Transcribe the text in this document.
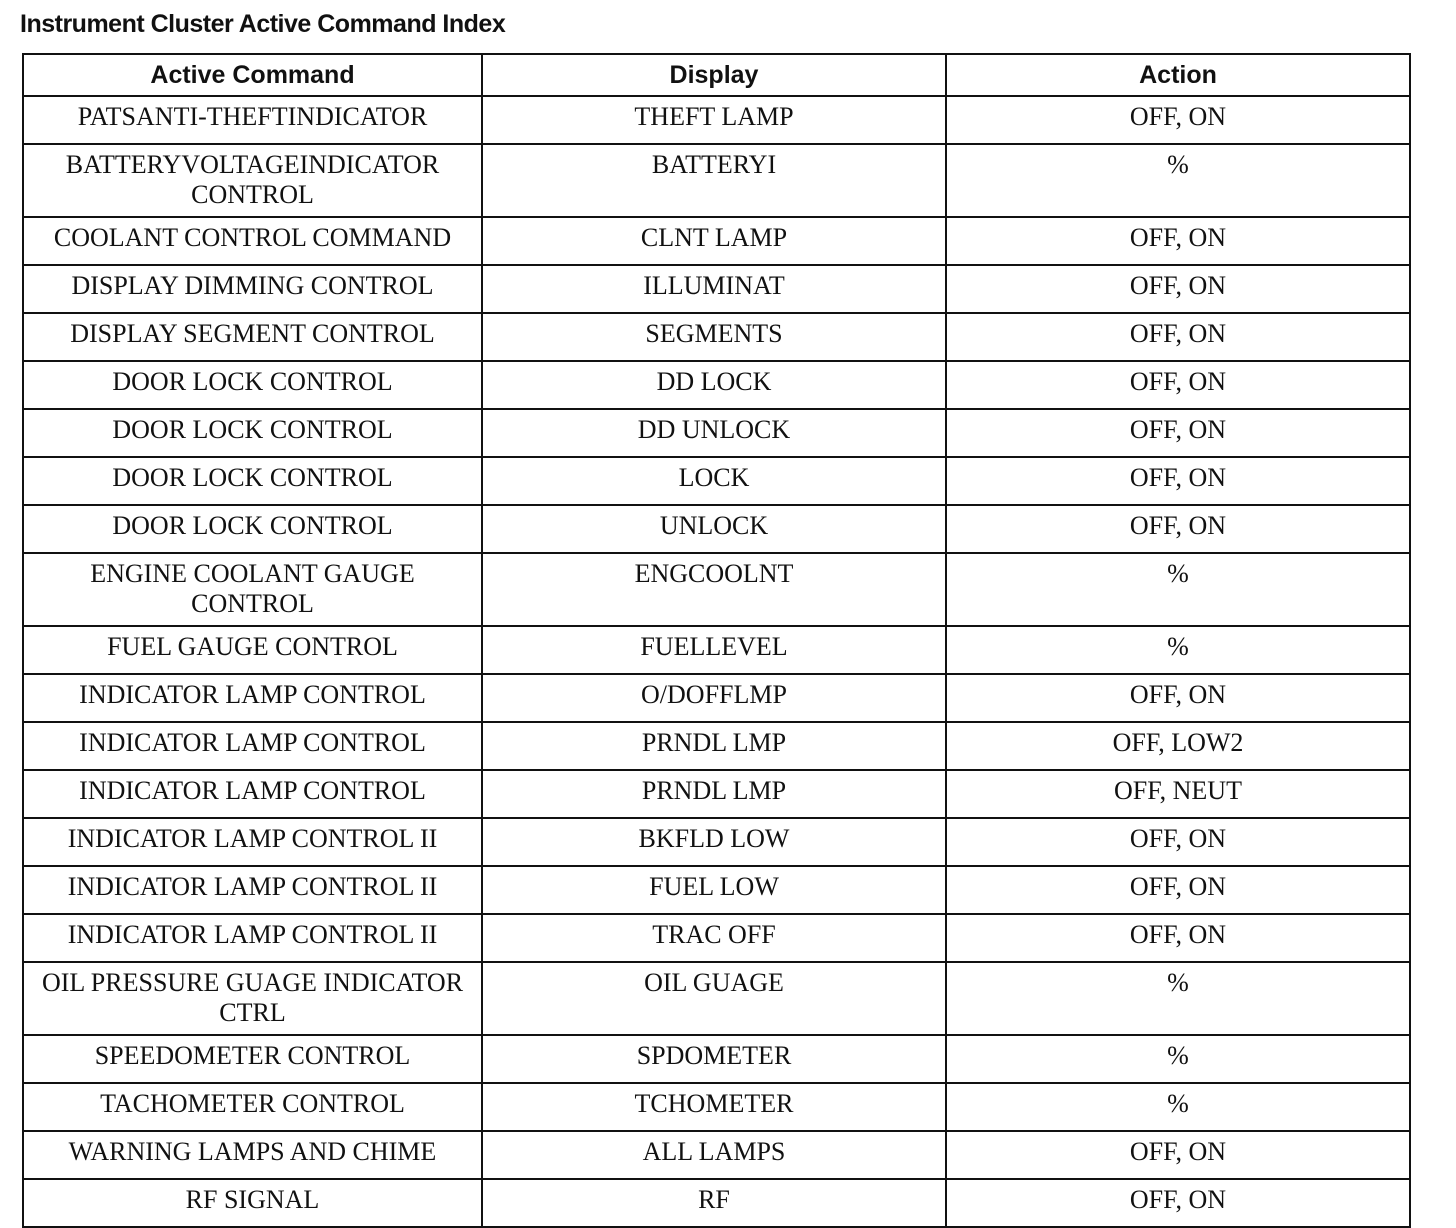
Instrument Cluster Active Command Index
Active Command	Display	Action
PATSANTI-THEFTINDICATOR	THEFT LAMP	OFF, ON
BATTERYVOLTAGEINDICATOR CONTROL	BATTERYI	%
COOLANT CONTROL COMMAND	CLNT LAMP	OFF, ON
DISPLAY DIMMING CONTROL	ILLUMINAT	OFF, ON
DISPLAY SEGMENT CONTROL	SEGMENTS	OFF, ON
DOOR LOCK CONTROL	DD LOCK	OFF, ON
DOOR LOCK CONTROL	DD UNLOCK	OFF, ON
DOOR LOCK CONTROL	LOCK	OFF, ON
DOOR LOCK CONTROL	UNLOCK	OFF, ON
ENGINE COOLANT GAUGE CONTROL	ENGCOOLNT	%
FUEL GAUGE CONTROL	FUELLEVEL	%
INDICATOR LAMP CONTROL	O/DOFFLMP	OFF, ON
INDICATOR LAMP CONTROL	PRNDL LMP	OFF, LOW2
INDICATOR LAMP CONTROL	PRNDL LMP	OFF, NEUT
INDICATOR LAMP CONTROL II	BKFLD LOW	OFF, ON
INDICATOR LAMP CONTROL II	FUEL LOW	OFF, ON
INDICATOR LAMP CONTROL II	TRAC OFF	OFF, ON
OIL PRESSURE GUAGE INDICATOR CTRL	OIL GUAGE	%
SPEEDOMETER CONTROL	SPDOMETER	%
TACHOMETER CONTROL	TCHOMETER	%
WARNING LAMPS AND CHIME	ALL LAMPS	OFF, ON
RF SIGNAL	RF	OFF, ON
